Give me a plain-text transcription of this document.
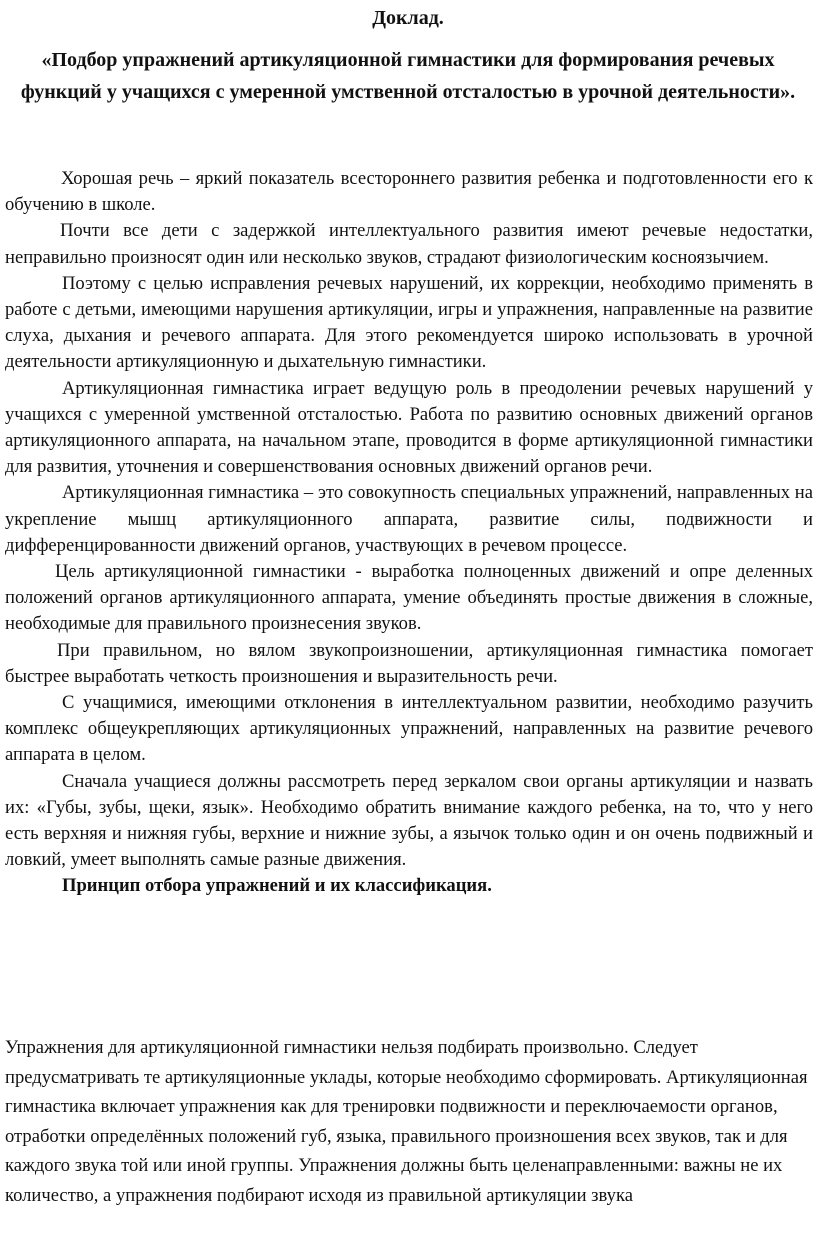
Доклад.
«Подбор упражнений артикуляционной гимнастики для формирования речевых функций у учащихся с умеренной умственной отсталостью в урочной деятельности».

Хорошая речь – яркий показатель всестороннего развития ребенка и подготовленности его к обучению в школе.

Почти все дети с задержкой интеллектуального развития имеют речевые недостатки, неправильно произносят один или несколько звуков, страдают физиологическим косноязычием.

Поэтому с целью исправления речевых нарушений, их коррекции, необходимо применять в работе с детьми, имеющими нарушения артикуляции, игры и упражнения, направленные на развитие слуха, дыхания и речевого аппарата. Для этого рекомендуется широко использовать в урочной деятельности артикуляционную и дыхательную гимнастики.

Артикуляционная гимнастика играет ведущую роль в преодолении речевых нарушений у учащихся с умеренной умственной отсталостью. Работа по развитию основных движений органов артикуляционного аппарата, на начальном этапе, проводится в форме артикуляционной гимнастики для развития, уточнения и совершенствования основных движений органов речи.

Артикуляционная гимнастика – это совокупность специальных упражнений, направленных на укрепление мышц артикуляционного аппарата, развитие силы, подвижности и дифференцированности движений органов, участвующих в речевом процессе.

Цель артикуляционной гимнастики - выработка полноценных движений и опре деленных положений органов артикуляционного аппарата, умение объединять простые движения в сложные, необходимые для правильного произнесения звуков.

При правильном, но вялом звукопроизношении, артикуляционная гимнастика помогает быстрее выработать четкость произношения и выразительность речи.

С учащимися, имеющими отклонения в интеллектуальном развитии, необходимо разучить комплекс общеукрепляющих артикуляционных упражнений, направленных на развитие речевого аппарата в целом.

Сначала учащиеся должны рассмотреть перед зеркалом свои органы артикуляции и назвать их: «Губы, зубы, щеки, язык». Необходимо обратить внимание каждого ребенка, на то, что у него есть верхняя и нижняя губы, верхние и нижние зубы, а язычок только один и он очень подвижный и ловкий, умеет выполнять самые разные движения.

Принцип отбора упражнений и их классификация.

Упражнения для артикуляционной гимнастики нельзя подбирать произвольно. Следует предусматривать те артикуляционные уклады, которые необходимо сформировать. Артикуляционная гимнастика включает упражнения как для тренировки подвижности и переключаемости органов, отработки определённых положений губ, языка, правильного произношения всех звуков, так и для каждого звука той или иной группы. Упражнения должны быть целенаправленными: важны не их количество, а упражнения подбирают исходя из правильной артикуляции звука
